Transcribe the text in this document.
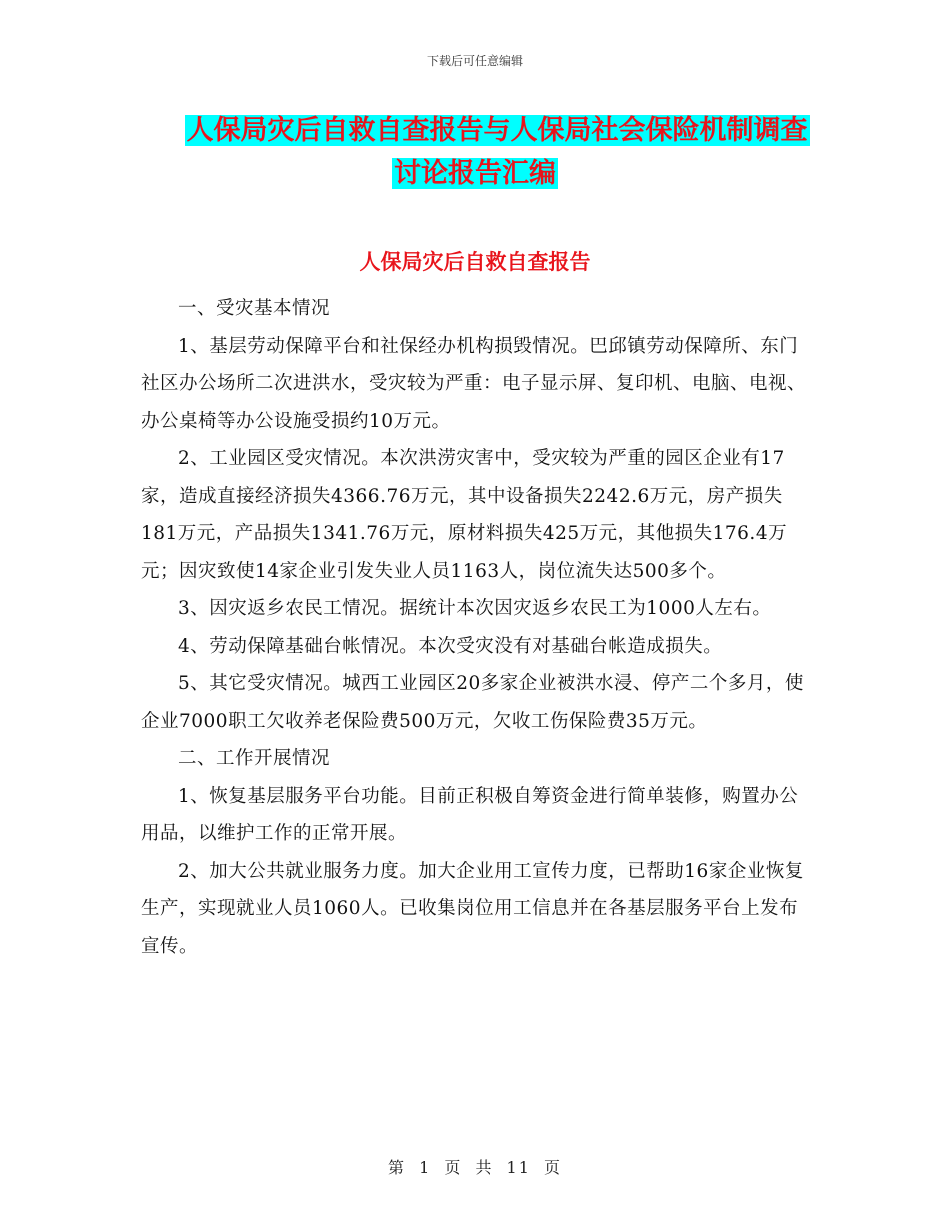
下载后可任意编辑
人保局灾后自救自查报告与人保局社会保险机制调查
讨论报告汇编
人保局灾后自救自查报告

一、受灾基本情况

1、基层劳动保障平台和社保经办机构损毁情况。巴邱镇劳动保障所、东门社区办公场所二次进洪水，受灾较为严重：电子显示屏、复印机、电脑、电视、办公桌椅等办公设施受损约10万元。

2、工业园区受灾情况。本次洪涝灾害中，受灾较为严重的园区企业有17家，造成直接经济损失4366.76万元，其中设备损失2242.6万元，房产损失181万元，产品损失1341.76万元，原材料损失425万元，其他损失176.4万元；因灾致使14家企业引发失业人员1163人，岗位流失达500多个。

3、因灾返乡农民工情况。据统计本次因灾返乡农民工为1000人左右。

4、劳动保障基础台帐情况。本次受灾没有对基础台帐造成损失。

5、其它受灾情况。城西工业园区20多家企业被洪水浸、停产二个多月，使企业7000职工欠收养老保险费500万元，欠收工伤保险费35万元。

二、工作开展情况

1、恢复基层服务平台功能。目前正积极自筹资金进行简单装修，购置办公用品，以维护工作的正常开展。

2、加大公共就业服务力度。加大企业用工宣传力度，已帮助16家企业恢复生产，实现就业人员1060人。已收集岗位用工信息并在各基层服务平台上发布宣传。

第 1 页 共 11 页
